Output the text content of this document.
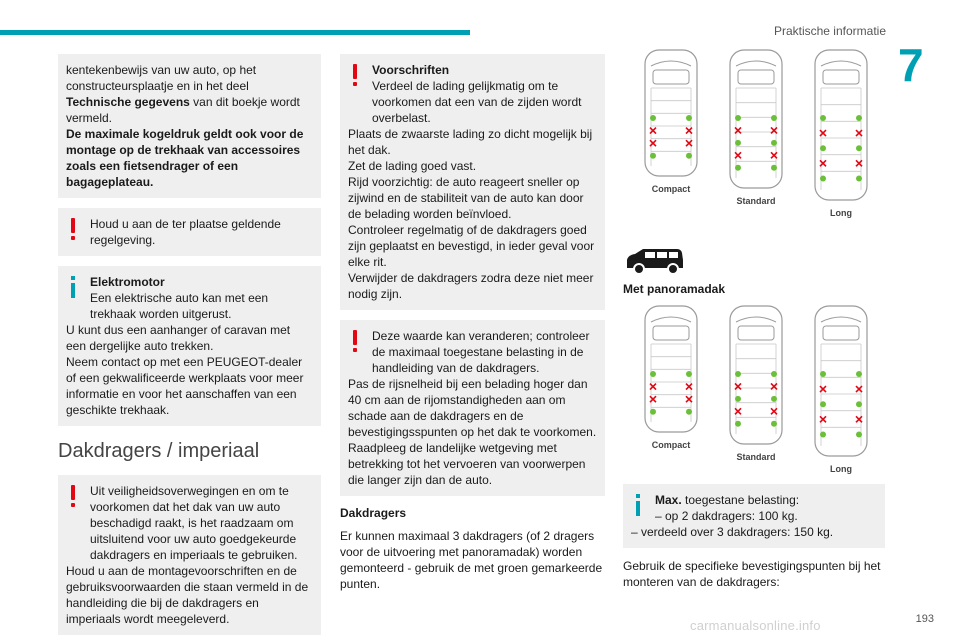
Praktische informatie
7
kentekenbewijs van uw auto, op het constructeursplaatje en in het deel Technische gegevens van dit boekje wordt vermeld.
De maximale kogeldruk geldt ook voor de montage op de trekhaak van accessoires zoals een fietsendrager of een bagageplateau.
Houd u aan de ter plaatse geldende regelgeving.
Elektromotor
Een elektrische auto kan met een trekhaak worden uitgerust.
U kunt dus een aanhanger of caravan met een dergelijke auto trekken.
Neem contact op met een PEUGEOT-dealer of een gekwalificeerde werkplaats voor meer informatie en voor het aanschaffen van een geschikte trekhaak.
Dakdragers / imperiaal
Uit veiligheidsoverwegingen en om te voorkomen dat het dak van uw auto beschadigd raakt, is het raadzaam om uitsluitend voor uw auto goedgekeurde dakdragers en imperiaals te gebruiken.
Houd u aan de montagevoorschriften en de gebruiksvoorwaarden die staan vermeld in de handleiding die bij de dakdragers en imperiaals wordt meegeleverd.
Voorschriften
Verdeel de lading gelijkmatig om te voorkomen dat een van de zijden wordt overbelast.
Plaats de zwaarste lading zo dicht mogelijk bij het dak.
Zet de lading goed vast.
Rijd voorzichtig: de auto reageert sneller op zijwind en de stabiliteit van de auto kan door de belading worden beïnvloed.
Controleer regelmatig of de dakdragers goed zijn geplaatst en bevestigd, in ieder geval voor elke rit.
Verwijder de dakdragers zodra deze niet meer nodig zijn.
Deze waarde kan veranderen; controleer de maximaal toegestane belasting in de handleiding van de dakdragers.
Pas de rijsnelheid bij een belading hoger dan 40 cm aan de rijomstandigheden aan om schade aan de dakdragers en de bevestigingsspunten op het dak te voorkomen.
Raadpleeg de landelijke wetgeving met betrekking tot het vervoeren van voorwerpen die langer zijn dan de auto.
Dakdragers

Er kunnen maximaal 3 dakdragers (of 2 dragers voor de uitvoering met panoramadak) worden gemonteerd - gebruik de met groen gemarkeerde punten.

Compact
Standard
Long
Met panoramadak
Compact
Standard
Long
Max. toegestane belasting:
– op 2 dakdragers: 100 kg.
– verdeeld over 3 dakdragers: 150 kg.

Gebruik de specifieke bevestigingspunten bij het monteren van de dakdragers:

carmanualsonline.info	193
